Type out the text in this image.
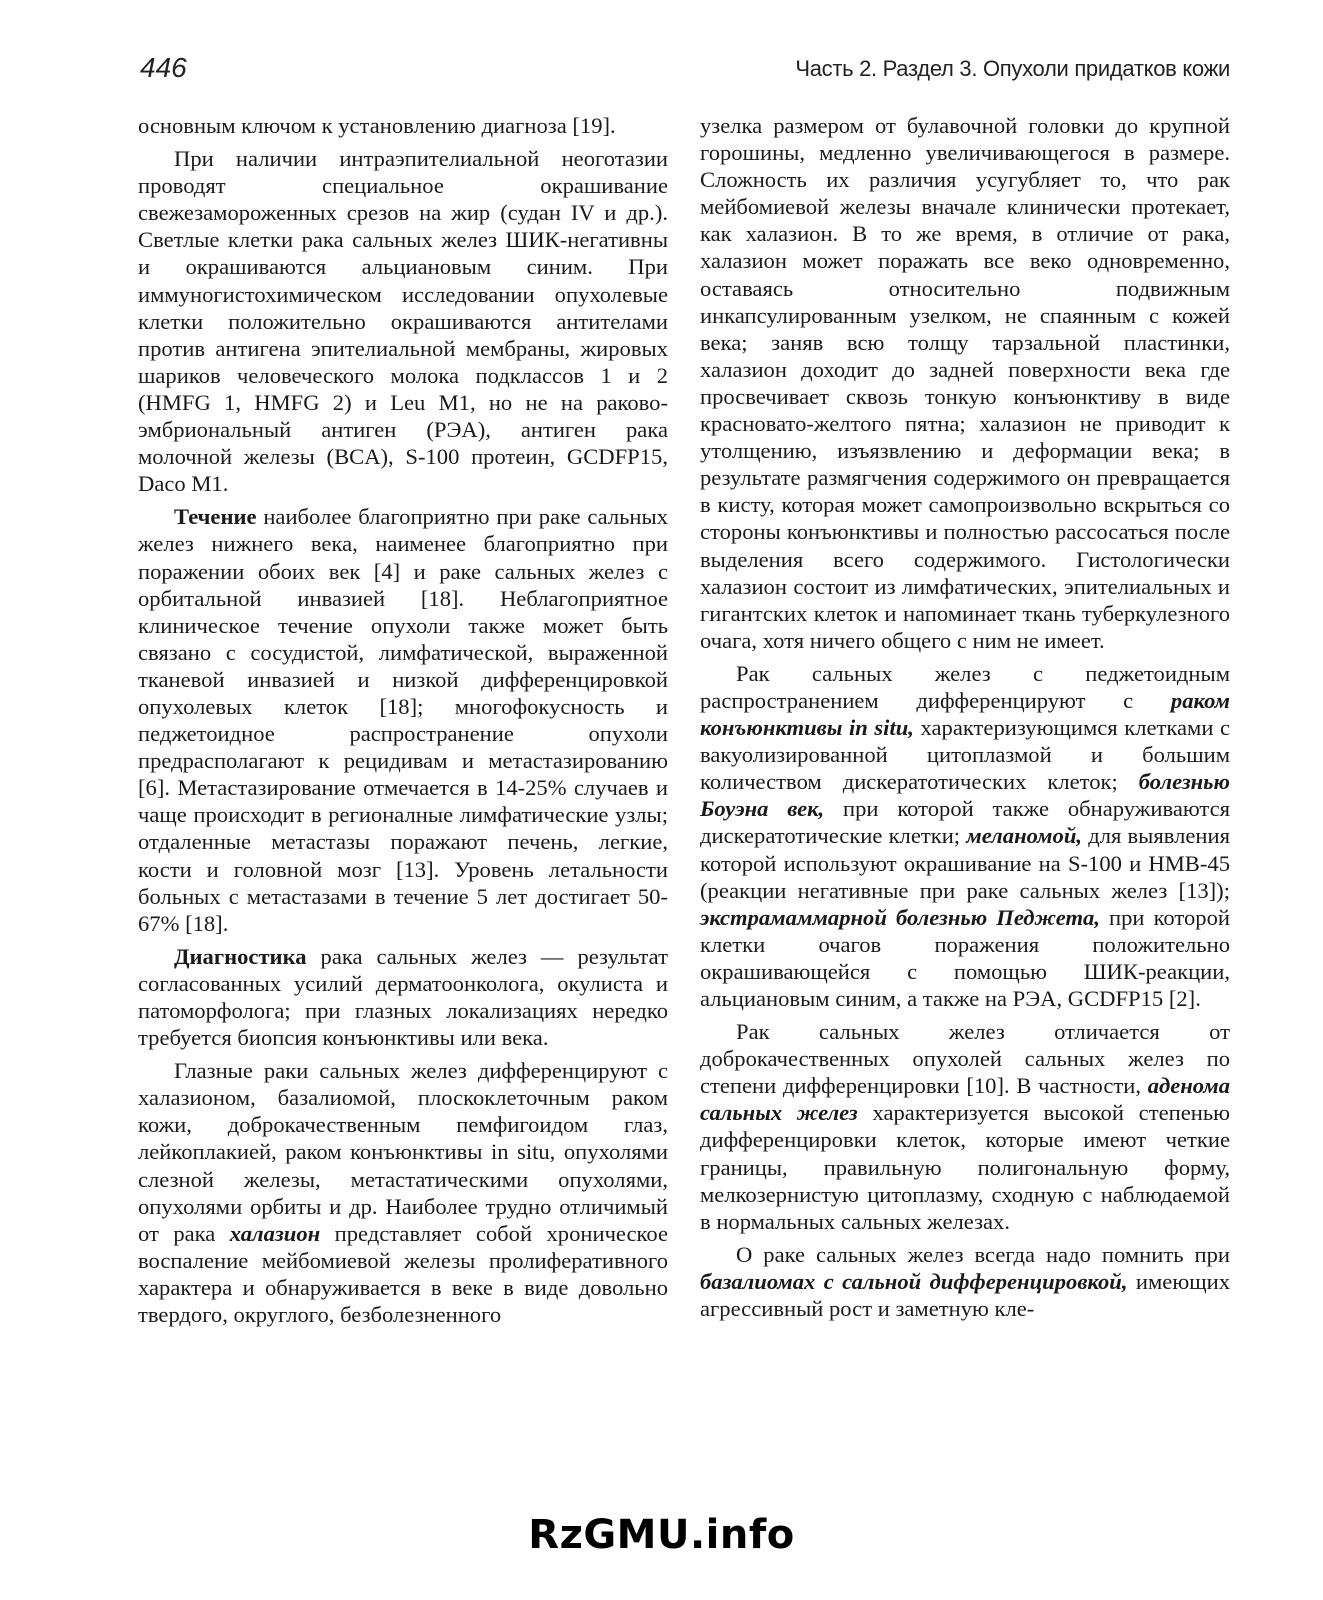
446	Часть 2. Раздел 3. Опухоли придатков кожи

основным ключом к установлению диагноза [19].

При наличии интраэпителиальной неоготазии проводят специальное окрашивание свежезамороженных срезов на жир (судан IV и др.). Светлые клетки рака сальных желез ШИК-негативны и окрашиваются альциановым синим. При иммуногистохимическом исследовании опухолевые клетки положительно окрашиваются антителами против антигена эпителиальной мембраны, жировых шариков человеческого молока подклассов 1 и 2 (HMFG 1, HMFG 2) и Leu M1, но не на раково-эмбриональный антиген (РЭА), антиген рака молочной железы (BCA), S-100 протеин, GCDFP15, Daco M1.

Течение наиболее благоприятно при раке сальных желез нижнего века, наименее благоприятно при поражении обоих век [4] и раке сальных желез с орбитальной инвазией [18]. Неблагоприятное клиническое течение опухоли также может быть связано с сосудистой, лимфатической, выраженной тканевой инвазией и низкой дифференцировкой опухолевых клеток [18]; многофокусность и педжетоидное распространение опухоли предрасполагают к рецидивам и метастазированию [6]. Метастазирование отмечается в 14-25% случаев и чаще происходит в регионалные лимфатические узлы; отдаленные метастазы поражают печень, легкие, кости и головной мозг [13]. Уровень летальности больных с метастазами в течение 5 лет достигает 50-67% [18].

Диагностика рака сальных желез — результат согласованных усилий дерматоонколога, окулиста и патоморфолога; при глазных локализациях нередко требуется биопсия конъюнктивы или века.

Глазные раки сальных желез дифференцируют с халазионом, базалиомой, плоскоклеточным раком кожи, доброкачественным пемфигоидом глаз, лейкоплакией, раком конъюнктивы in situ, опухолями слезной железы, метастатическими опухолями, опухолями орбиты и др. Наиболее трудно отличимый от рака халазион представляет собой хроническое воспаление мейбомиевой железы пролиферативного характера и обнаруживается в веке в виде довольно твердого, округлого, безболезненного

узелка размером от булавочной головки до крупной горошины, медленно увеличивающегося в размере. Сложность их различия усугубляет то, что рак мейбомиевой железы вначале клинически протекает, как халазион. В то же время, в отличие от рака, халазион может поражать все веко одновременно, оставаясь относительно подвижным инкапсулированным узелком, не спаянным с кожей века; заняв всю толщу тарзальной пластинки, халазион доходит до задней поверхности века где просвечивает сквозь тонкую конъюнктиву в виде красновато-желтого пятна; халазион не приводит к утолщению, изъязвлению и деформации века; в результате размягчения содержимого он превращается в кисту, которая может самопроизвольно вскрыться со стороны конъюнктивы и полностью рассосаться после выделения всего содержимого. Гистологически халазион состоит из лимфатических, эпителиальных и гигантских клеток и напоминает ткань туберкулезного очага, хотя ничего общего с ним не имеет.

Рак сальных желез с педжетоидным распространением дифференцируют с раком конъюнктивы in situ, характеризующимся клетками с вакуолизированной цитоплазмой и большим количеством дискератотических клеток; болезнью Боуэна век, при которой также обнаруживаются дискератотические клетки; меланомой, для выявления которой используют окрашивание на S-100 и HMB-45 (реакции негативные при раке сальных желез [13]); экстрамаммарной болезнью Педжета, при которой клетки очагов поражения положительно окрашивающейся с помощью ШИК-реакции, альциановым синим, а также на РЭА, GCDFP15 [2].

Рак сальных желез отличается от доброкачественных опухолей сальных желез по степени дифференцировки [10]. В частности, аденома сальных желез характеризуется высокой степенью дифференцировки клеток, которые имеют четкие границы, правильную полигональную форму, мелкозернистую цитоплазму, сходную с наблюдаемой в нормальных сальных железах.

О раке сальных желез всегда надо помнить при базалиомах с сальной дифференцировкой, имеющих агрессивный рост и заметную кле-

RzGMU.info
